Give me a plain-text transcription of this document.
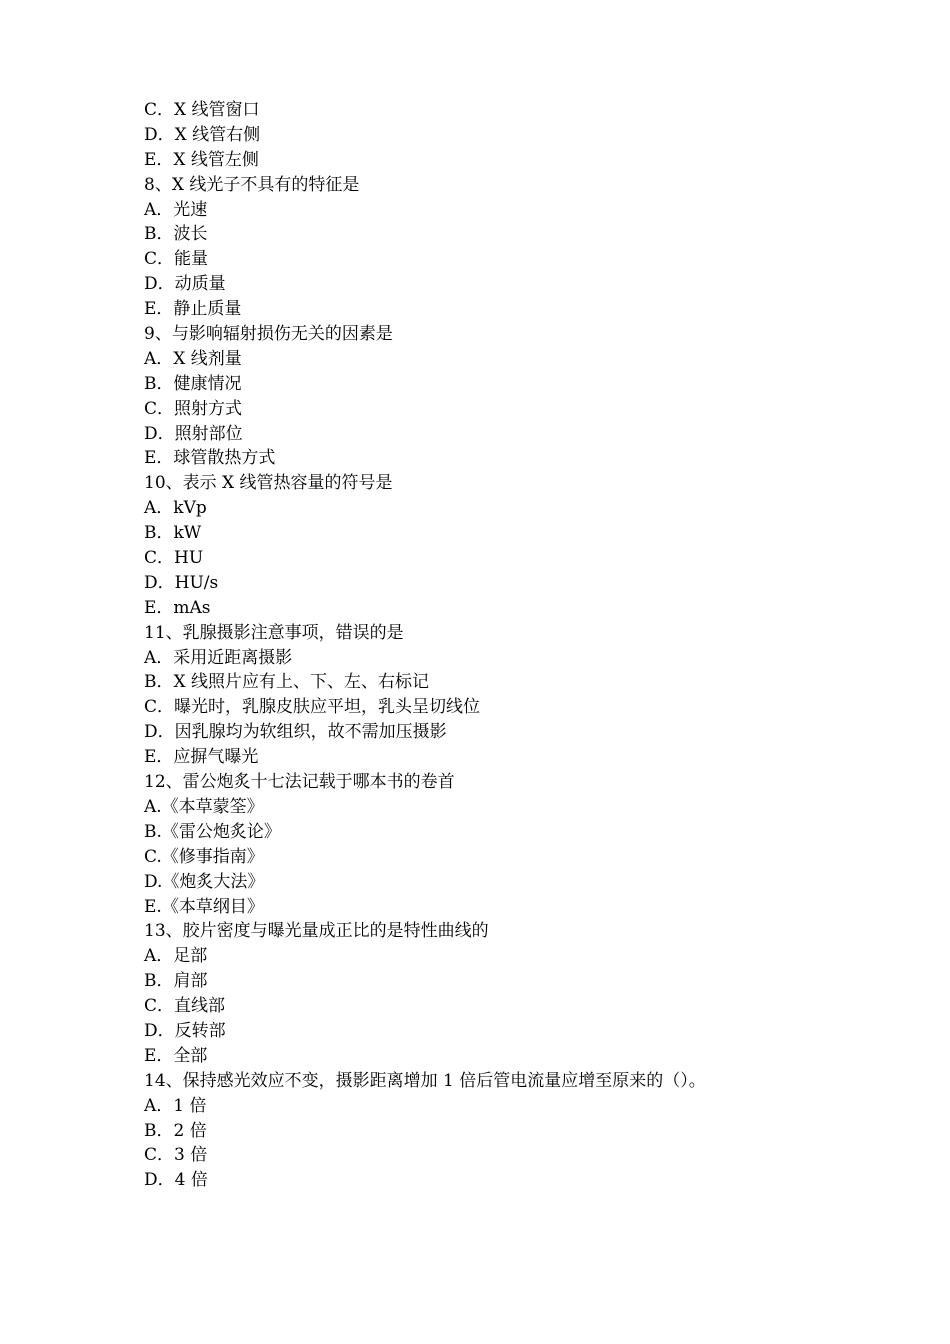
C．X 线管窗口
D．X 线管右侧
E．X 线管左侧
8、X 线光子不具有的特征是
A．光速
B．波长
C．能量
D．动质量
E．静止质量
9、与影响辐射损伤无关的因素是
A．X 线剂量
B．健康情况
C．照射方式
D．照射部位
E．球管散热方式
10、表示 X 线管热容量的符号是
A．kVp
B．kW
C．HU
D．HU/s
E．mAs
11、乳腺摄影注意事项，错误的是
A．采用近距离摄影
B．X 线照片应有上、下、左、右标记
C．曝光时，乳腺皮肤应平坦，乳头呈切线位
D．因乳腺均为软组织，故不需加压摄影
E．应摒气曝光
12、雷公炮炙十七法记载于哪本书的卷首
A.《本草蒙筌》
B.《雷公炮炙论》
C.《修事指南》
D.《炮炙大法》
E.《本草纲目》
13、胶片密度与曝光量成正比的是特性曲线的
A．足部
B．肩部
C．直线部
D．反转部
E．全部
14、保持感光效应不变，摄影距离增加 1 倍后管电流量应增至原来的（）。
A．1 倍
B．2 倍
C．3 倍
D．4 倍
